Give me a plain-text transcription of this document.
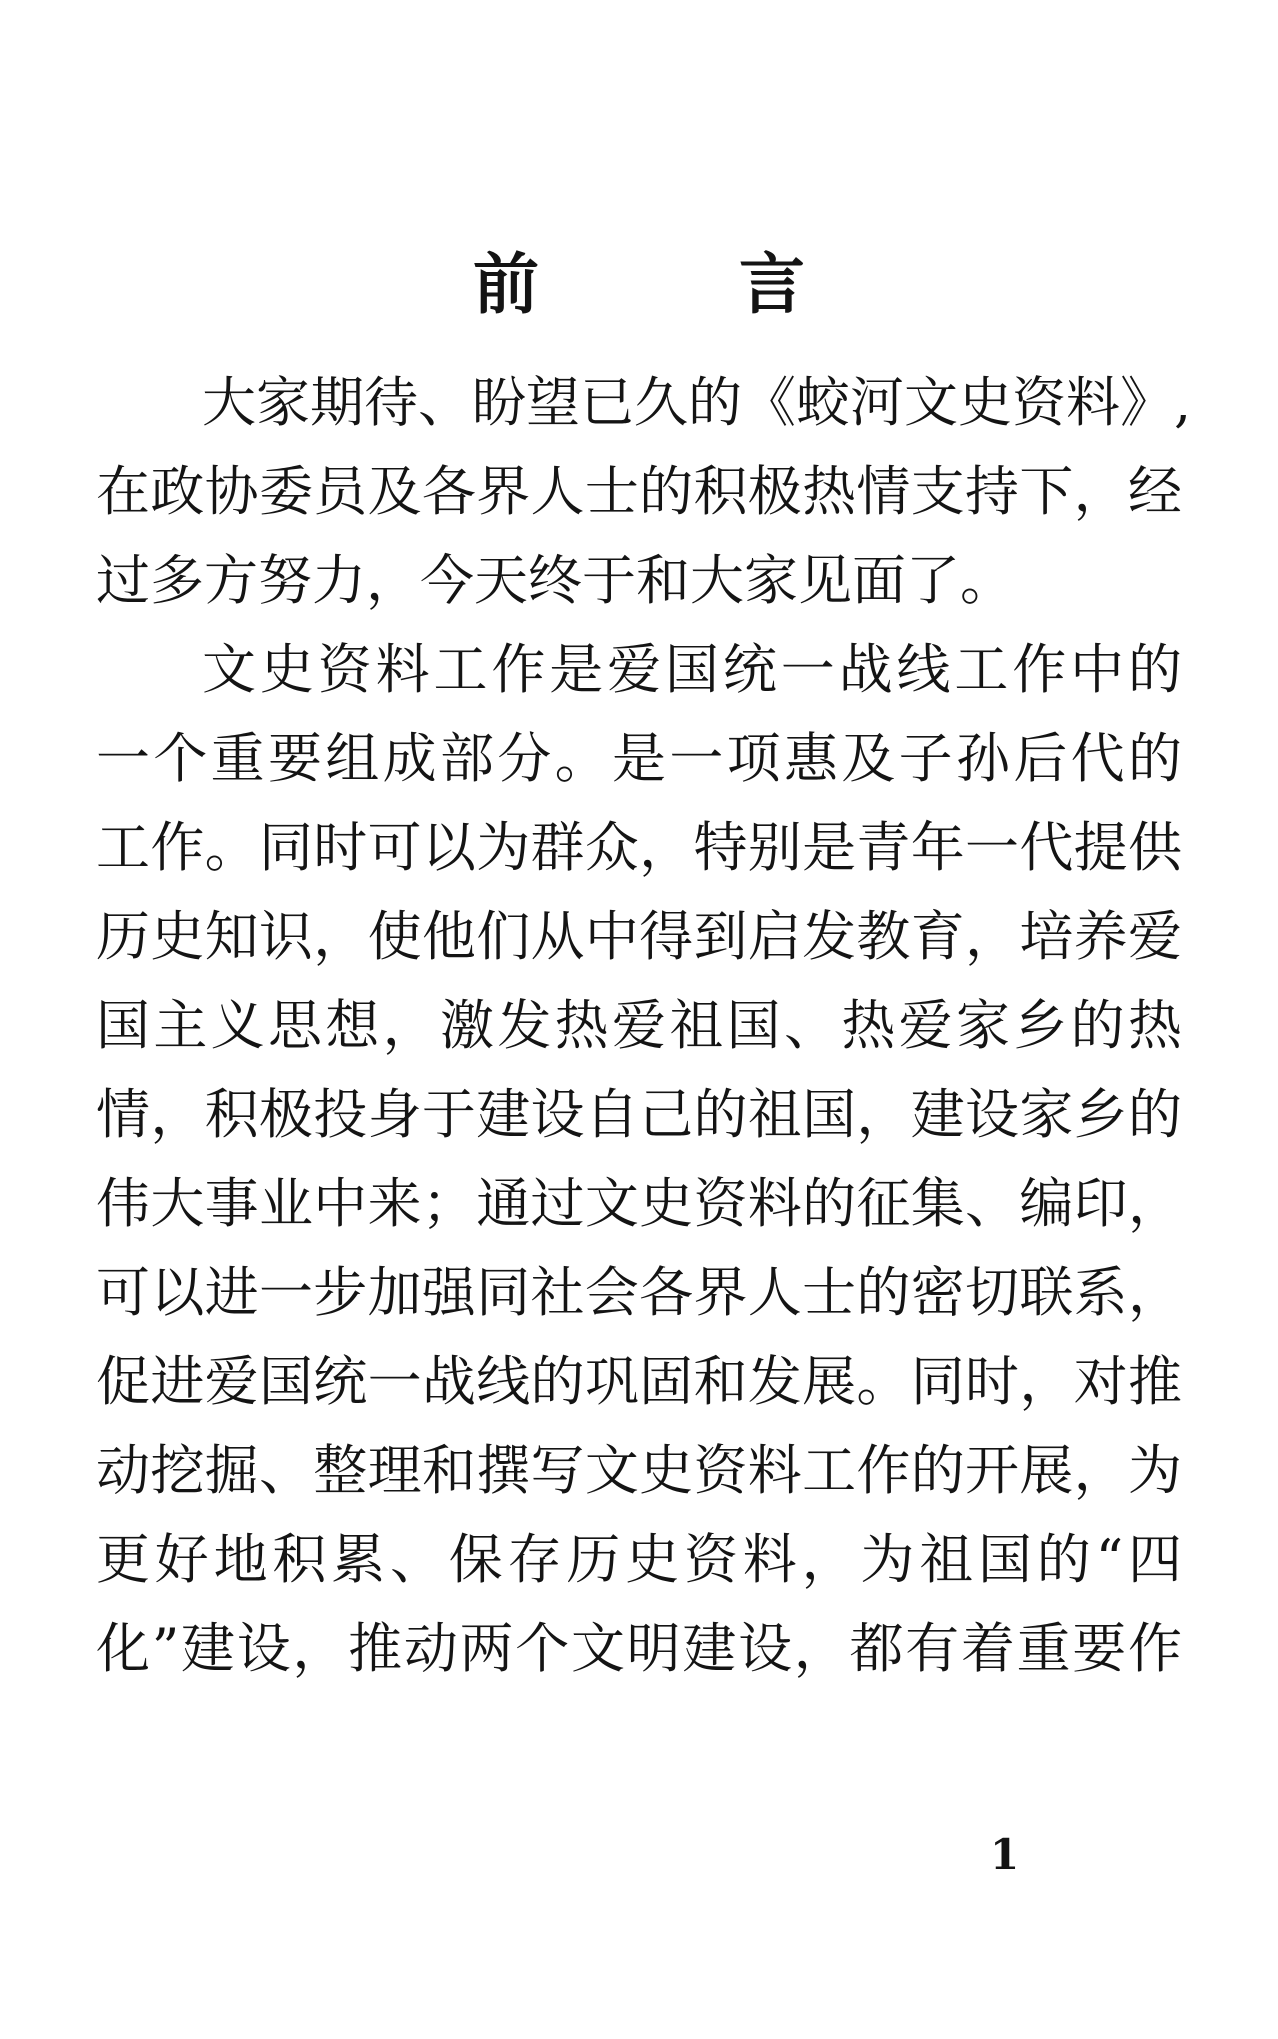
前言
大家期待、盼望已久的《蛟河文史资料》,
在政协委员及各界人士的积极热情支持下，经
过多方努力，今天终于和大家见面了。
文史资料工作是爱国统一战线工作中的
一个重要组成部分。是一项惠及子孙后代的
工作。同时可以为群众，特别是青年一代提供
历史知识，使他们从中得到启发教育，培养爱
国主义思想，激发热爱祖国、热爱家乡的热
情，积极投身于建设自己的祖国，建设家乡的
伟大事业中来；通过文史资料的征集、编印，
可以进一步加强同社会各界人士的密切联系，
促进爱国统一战线的巩固和发展。同时，对推
动挖掘、整理和撰写文史资料工作的开展，为
更好地积累、保存历史资料，为祖国的“四
化”建设，推动两个文明建设，都有着重要作
1
